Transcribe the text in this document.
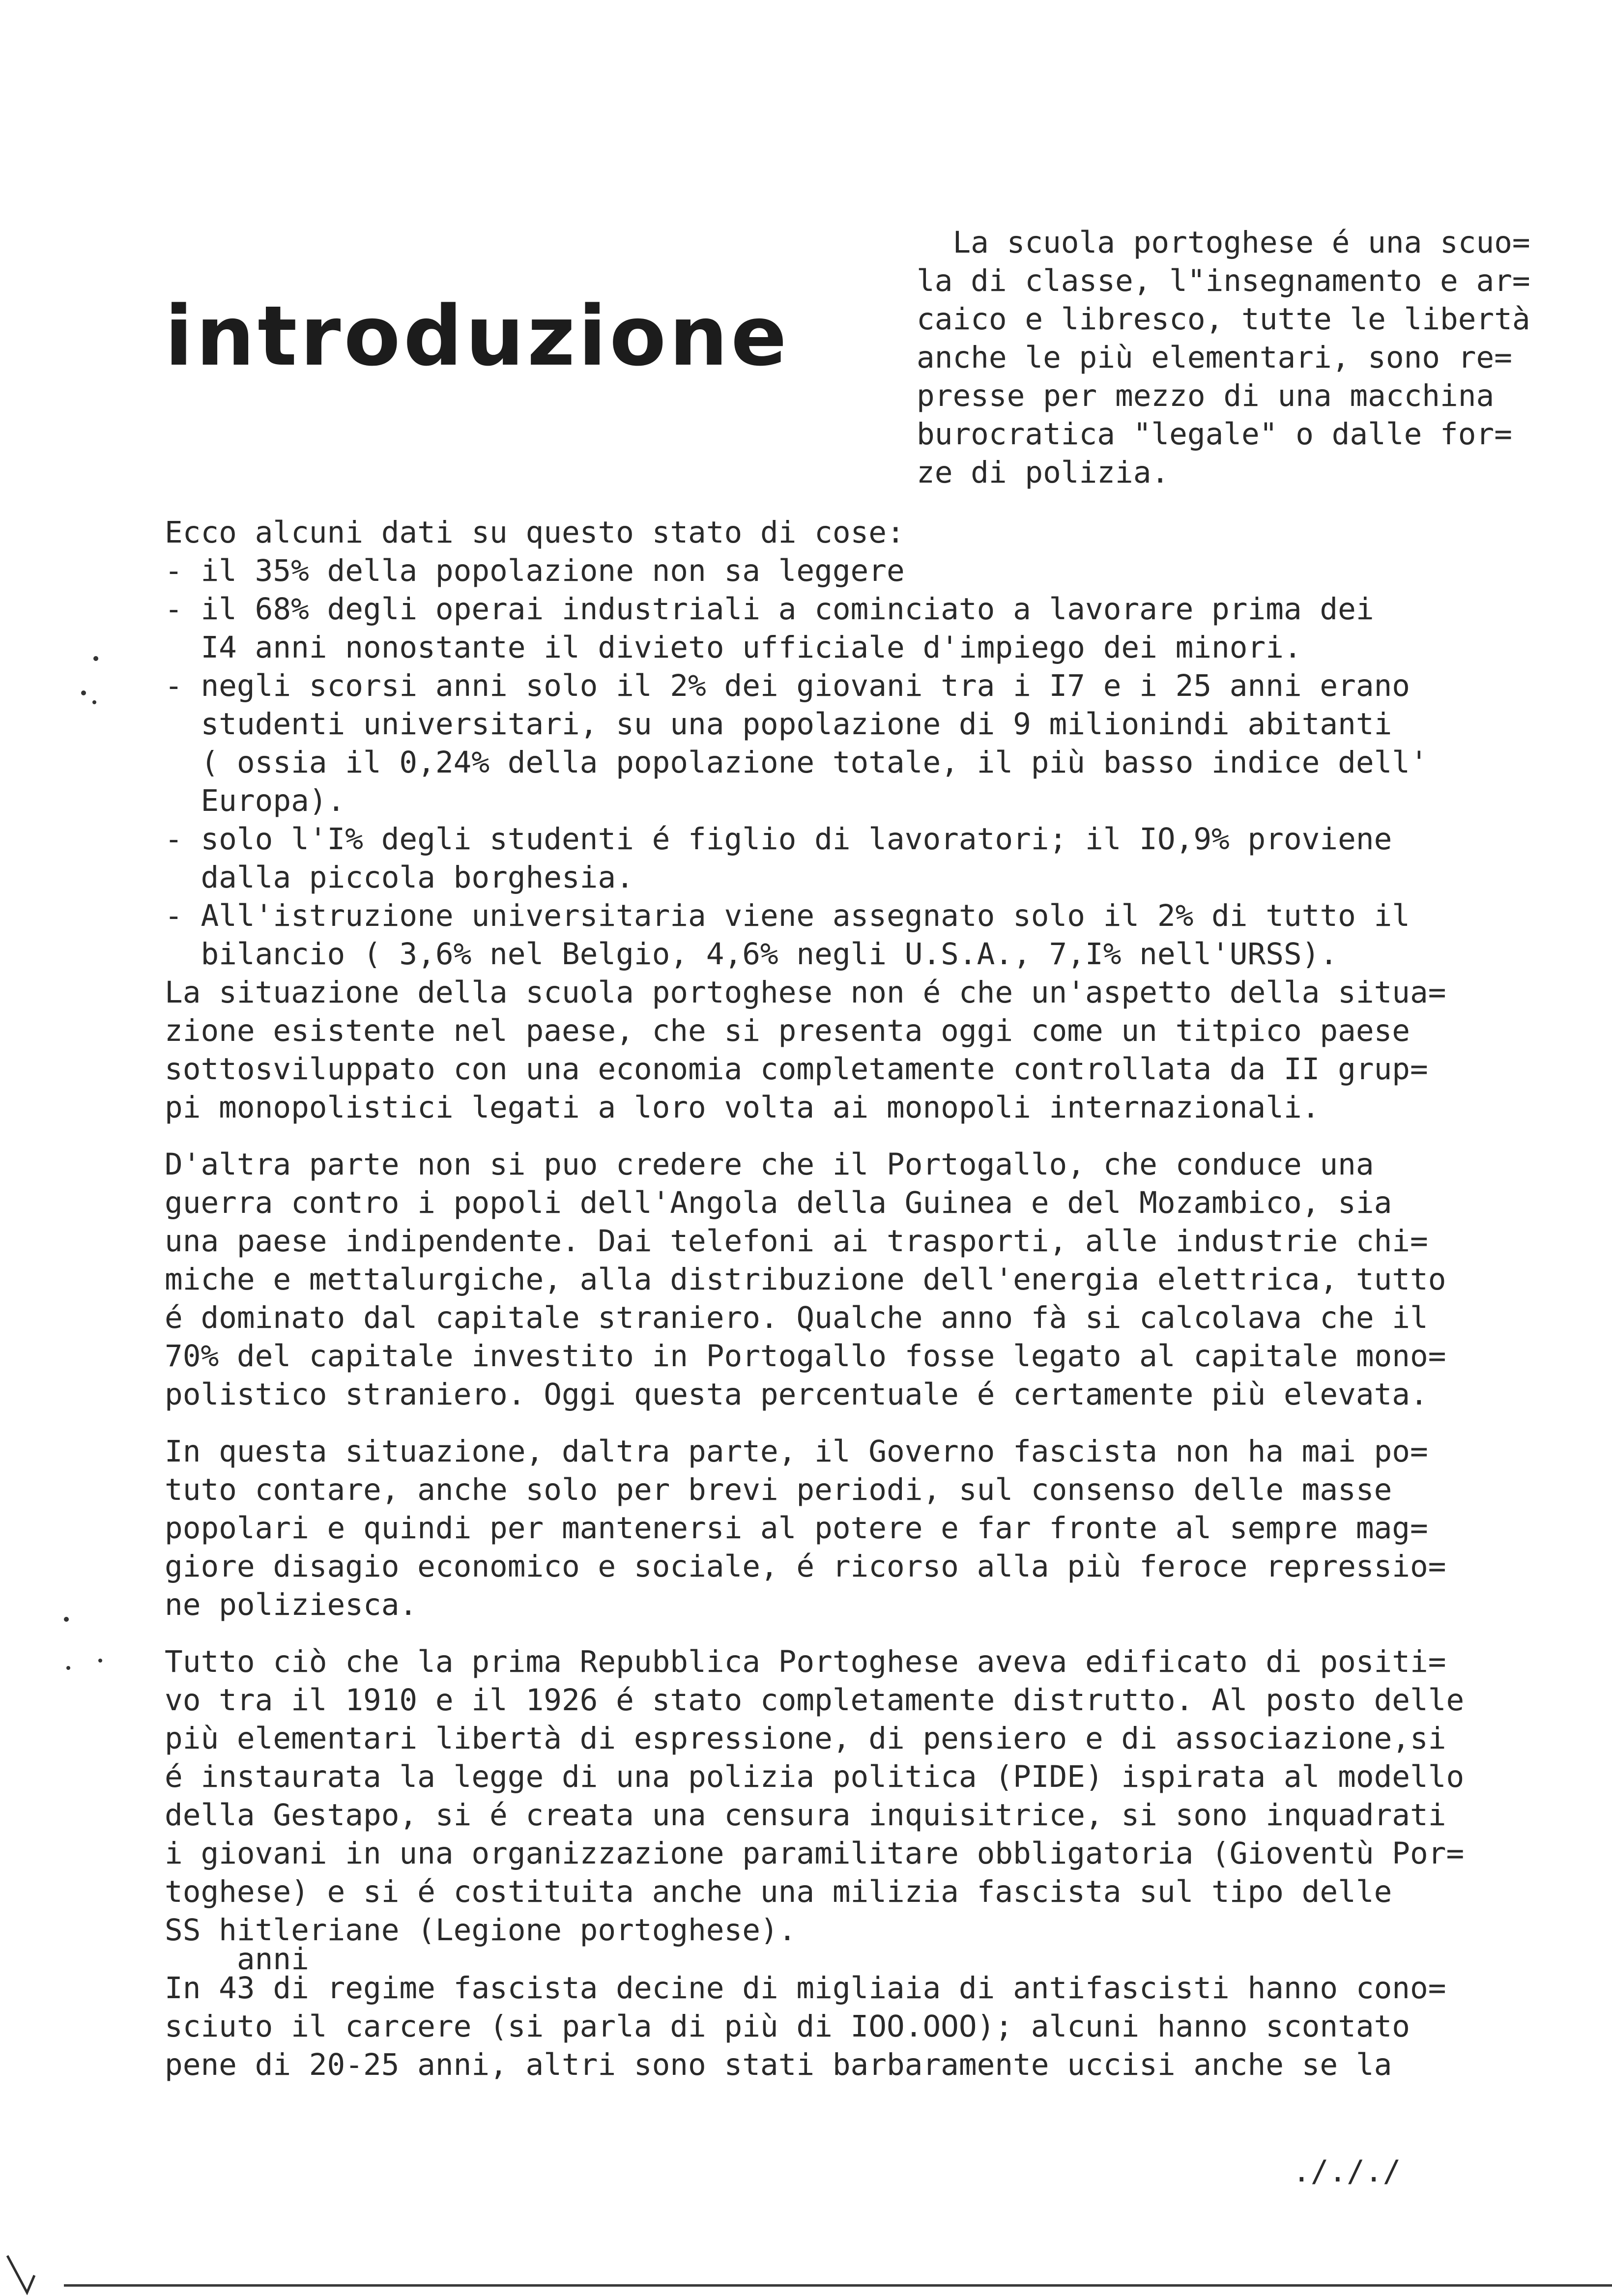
introduzione
La scuola portoghese é una scuo=
la di classe, l"insegnamento e ar=
caico e libresco, tutte le libertà
anche le più elementari, sono re=
presse per mezzo di una macchina
burocratica "legale" o dalle for=
ze di polizia.
Ecco alcuni dati su questo stato di cose:
- il 35% della popolazione non sa leggere
- il 68% degli operai industriali a cominciato a lavorare prima dei
I4 anni nonostante il divieto ufficiale d'impiego dei minori.
- negli scorsi anni solo il 2% dei giovani tra i I7 e i 25 anni erano
studenti universitari, su una popolazione di 9 milionindi abitanti
( ossia il 0,24% della popolazione totale, il più basso indice dell'
Europa).
- solo l'I% degli studenti é figlio di lavoratori; il IO,9% proviene
dalla piccola borghesia.
- All'istruzione universitaria viene assegnato solo il 2% di tutto il
bilancio ( 3,6% nel Belgio, 4,6% negli U.S.A., 7,I% nell'URSS).
La situazione della scuola portoghese non é che un'aspetto della situa=
zione esistente nel paese, che si presenta oggi come un titpico paese
sottosviluppato con una economia completamente controllata da II grup=
pi monopolistici legati a loro volta ai monopoli internazionali.
D'altra parte non si puo credere che il Portogallo, che conduce una
guerra contro i popoli dell'Angola della Guinea e del Mozambico, sia
una paese indipendente. Dai telefoni ai trasporti, alle industrie chi=
miche e mettalurgiche, alla distribuzione dell'energia elettrica, tutto
é dominato dal capitale straniero. Qualche anno fà si calcolava che il
70% del capitale investito in Portogallo fosse legato al capitale mono=
polistico straniero. Oggi questa percentuale é certamente più elevata.
In questa situazione, daltra parte, il Governo fascista non ha mai po=
tuto contare, anche solo per brevi periodi, sul consenso delle masse
popolari e quindi per mantenersi al potere e far fronte al sempre mag=
giore disagio economico e sociale, é ricorso alla più feroce repressio=
ne poliziesca.
Tutto ciò che la prima Repubblica Portoghese aveva edificato di positi=
vo tra il 1910 e il 1926 é stato completamente distrutto. Al posto delle
più elementari libertà di espressione, di pensiero e di associazione,si
é instaurata la legge di una polizia politica (PIDE) ispirata al modello
della Gestapo, si é creata una censura inquisitrice, si sono inquadrati
i giovani in una organizzazione paramilitare obbligatoria (Gioventù Por=
toghese) e si é costituita anche una milizia fascista sul tipo delle
SS hitleriane (Legione portoghese).
anni
In 43 di regime fascista decine di migliaia di antifascisti hanno cono=
sciuto il carcere (si parla di più di IOO.OOO); alcuni hanno scontato
pene di 20-25 anni, altri sono stati barbaramente uccisi anche se la
./././
